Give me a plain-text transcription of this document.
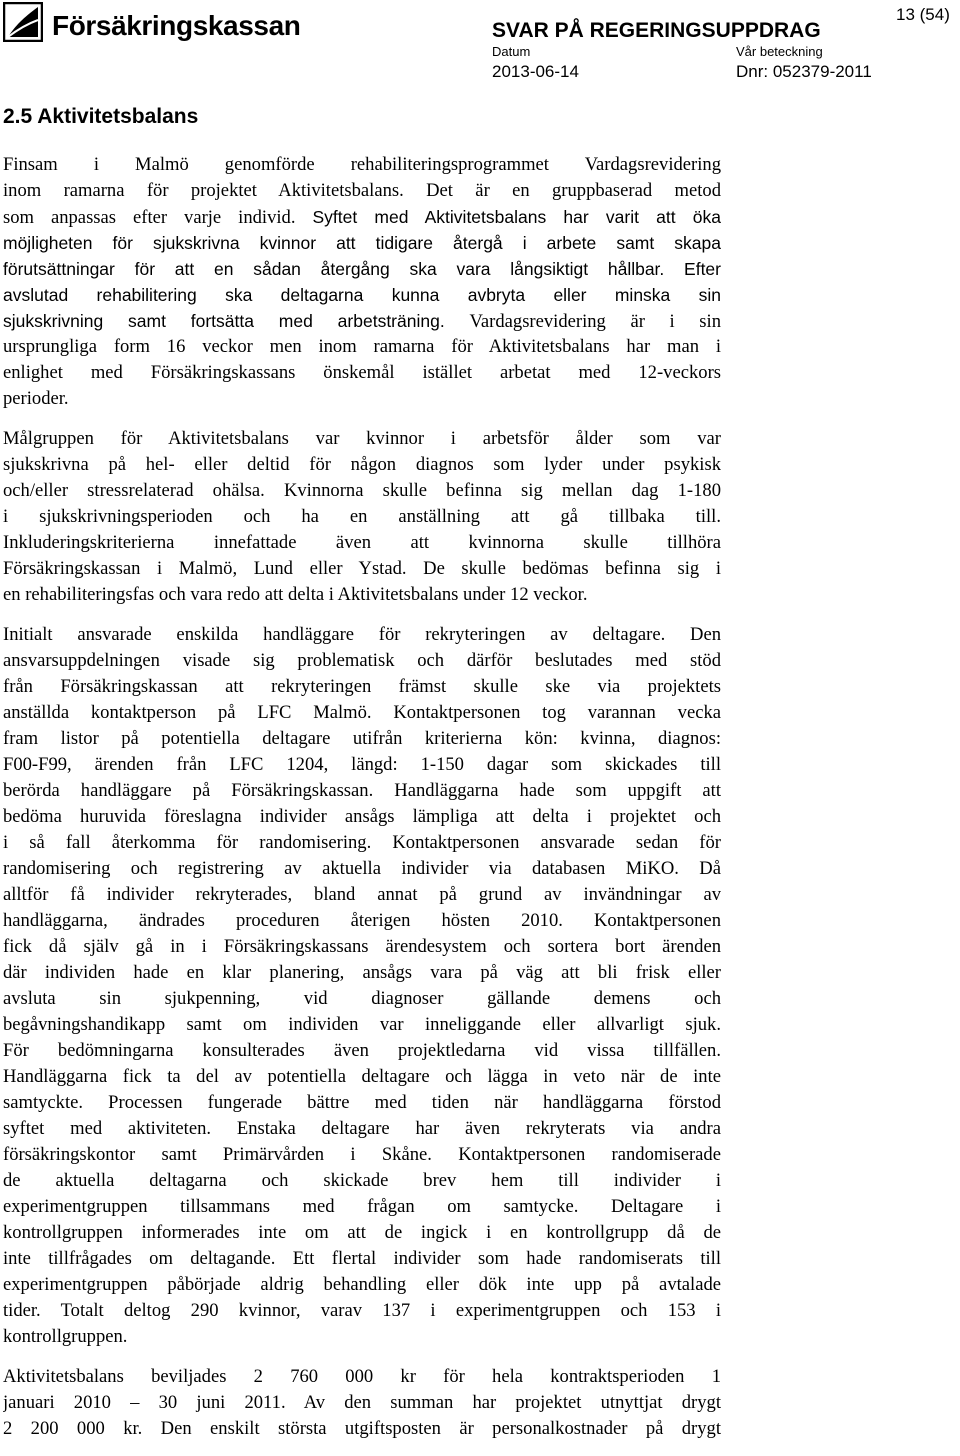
Försäkringskassan	SVAR PÅ REGERINGSUPPDRAG
13 (54)
Datum
2013-06-14
Vår beteckning
Dnr: 052379-2011
2.5 Aktivitetsbalans

Finsam i Malmö genomförde rehabiliteringsprogrammet Vardagsrevidering
inom ramarna för projektet Aktivitetsbalans. Det är en gruppbaserad metod
som anpassas efter varje individ. Syftet med Aktivitetsbalans har varit att öka
möjligheten för sjukskrivna kvinnor att tidigare återgå i arbete samt skapa
förutsättningar för att en sådan återgång ska vara långsiktigt hållbar. Efter
avslutad rehabilitering ska deltagarna kunna avbryta eller minska sin
sjukskrivning samt fortsätta med arbetsträning. Vardagsrevidering är i sin
ursprungliga form 16 veckor men inom ramarna för Aktivitetsbalans har man i
enlighet med Försäkringskassans önskemål istället arbetat med 12-veckors
perioder.

Målgruppen för Aktivitetsbalans var kvinnor i arbetsför ålder som var
sjukskrivna på hel- eller deltid för någon diagnos som lyder under psykisk
och/eller stressrelaterad ohälsa. Kvinnorna skulle befinna sig mellan dag 1-180
i sjukskrivningsperioden och ha en anställning att gå tillbaka till.
Inkluderingskriterierna innefattade även att kvinnorna skulle tillhöra
Försäkringskassan i Malmö, Lund eller Ystad. De skulle bedömas befinna sig i
en rehabiliteringsfas och vara redo att delta i Aktivitetsbalans under 12 veckor.

Initialt ansvarade enskilda handläggare för rekryteringen av deltagare. Den
ansvarsuppdelningen visade sig problematisk och därför beslutades med stöd
från Försäkringskassan att rekryteringen främst skulle ske via projektets
anställda kontaktperson på LFC Malmö. Kontaktpersonen tog varannan vecka
fram listor på potentiella deltagare utifrån kriterierna kön: kvinna, diagnos:
F00-F99, ärenden från LFC 1204, längd: 1-150 dagar som skickades till
berörda handläggare på Försäkringskassan. Handläggarna hade som uppgift att
bedöma huruvida föreslagna individer ansågs lämpliga att delta i projektet och
i så fall återkomma för randomisering. Kontaktpersonen ansvarade sedan för
randomisering och registrering av aktuella individer via databasen MiKO. Då
alltför få individer rekryterades, bland annat på grund av invändningar av
handläggarna, ändrades proceduren återigen hösten 2010. Kontaktpersonen
fick då själv gå in i Försäkringskassans ärendesystem och sortera bort ärenden
där individen hade en klar planering, ansågs vara på väg att bli frisk eller
avsluta sin sjukpenning, vid diagnoser gällande demens och
begåvningshandikapp samt om individen var inneliggande eller allvarligt sjuk.
För bedömningarna konsulterades även projektledarna vid vissa tillfällen.
Handläggarna fick ta del av potentiella deltagare och lägga in veto när de inte
samtyckte. Processen fungerade bättre med tiden när handläggarna förstod
syftet med aktiviteten. Enstaka deltagare har även rekryterats via andra
försäkringskontor samt Primärvården i Skåne. Kontaktpersonen randomiserade
de aktuella deltagarna och skickade brev hem till individer i
experimentgruppen tillsammans med frågan om samtycke. Deltagare i
kontrollgruppen informerades inte om att de ingick i en kontrollgrupp då de
inte tillfrågades om deltagande. Ett flertal individer som hade randomiserats till
experimentgruppen påbörjade aldrig behandling eller dök inte upp på avtalade
tider. Totalt deltog 290 kvinnor, varav 137 i experimentgruppen och 153 i
kontrollgruppen.

Aktivitetsbalans beviljades 2 760 000 kr för hela kontraktsperioden 1
januari 2010 – 30 juni 2011. Av den summan har projektet utnyttjat drygt
2 200 000 kr. Den enskilt största utgiftsposten är personalkostnader på drygt
